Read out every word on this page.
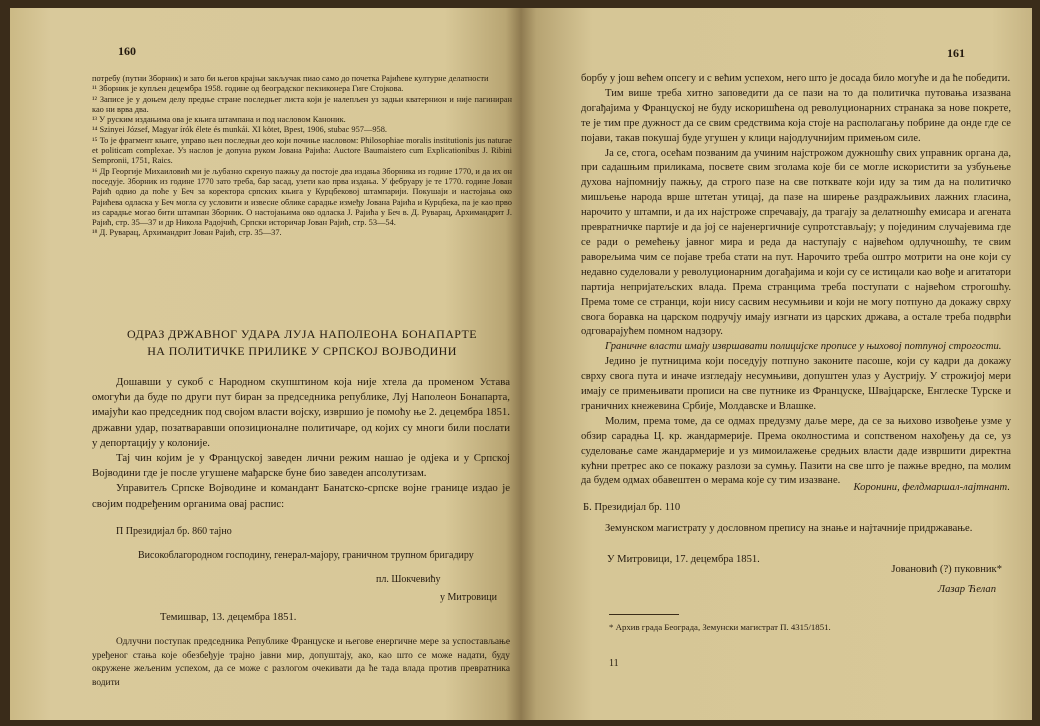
160

потребу (путни Зборник) и зато би његов крајњи закључак пиао само до почетка Рајићеве културне делатности

¹¹ Зборник је купљен децембра 1958. године од београдског пекзиконера Гиге Стојкова.

¹² Записе је у доњем делу предње стране последњег листа који је налепљен уз задњи кватернион и није пагиниран као ни врва два.

¹³ У руским издањима ова је књига штампана и под насловом Каноник.

¹⁴ Szinyei József, Magyar írók élete és munkái. XI kötet, Bpest, 1906, stubac 957—958.

¹⁵ То је фрагмент књиге, управо њен последњи део који почиње насловом: Philosophiae moralis institutionis jus naturae et politicam complexae. Уз наслов је допуна руком Јована Рајића: Auctore Baumaistero cum Explicationibus J. Ribini Sempronii, 1751, Raics.

¹⁶ Др Георгије Михаиловић ми је љубазно скренуо пажњу да постоје два издања Зборника из године 1770, и да их он поседује. Зборник из године 1770 зато треба, бар засад, узети као прва издања. У фебруару је те 1770. године Јован Рајић одвио да поће у Беч за коректора српских књига у Курцбековој штампарији. Покушаји и настојања око Рајићева одласка у Беч могла су условити и извесне облике сарадње између Јована Рајића и Курцбека, па је као прво из сарадње могао бити штампан Зборник. О настојањима око одласка Ј. Рајића у Беч в. Д. Руварац, Архимандрит Ј. Рајић, стр. 35—37 и др Никола Радојчић, Српски историчар Јован Рајић, стр. 53—54.

¹⁸ Д. Руварац, Архимандрит Јован Рајић, стр. 35—37.

ОДРАЗ ДРЖАВНОГ УДАРА ЛУЈА НАПОЛЕОНА БОНАПАРТЕ
НА ПОЛИТИЧКЕ ПРИЛИКЕ У СРПСКОЈ ВОЈВОДИНИ

Дошавши у сукоб с Народном скупштином која није хтела да променом Устава омогући да буде по други пут биран за председника републике, Луј Наполеон Бонапарта, имајући као председник под својом власти војску, извршио је помоћу ње 2. децембра 1851. државни удар, позатваравши опозиционалне политичаре, од којих су многи били послати у депортацију у колоније.

Тај чин којим је у Француској заведен лични режим нашао је одјека и у Српској Војводини где је после угушене мађарске буне био заведен апсолутизам.

Управитељ Српске Војводине и командант Банатско-српске војне границе издао је својим подређеним органима овај распис:

П Президијал бр. 860 тајно
Високоблагородном господину, генерал-мајору, граничном трупном бригадиру
пл. Шокчевићу
у Митровици
Темишвар, 13. децембра 1851.

Одлучни поступак председника Републике Француске и његове енергичне мере за успостављање уређеног стања које обезбеђује трајно јавни мир, допуштају, ако, као што се може надати, буду окружене жељеним успехом, да се може с разлогом очекивати да ће тада влада против превратника водити

161

борбу у још већем опсегу и с већим успехом, него што је досада било могуће и да ће победити.

Тим више треба хитно заповедити да се пази на то да политичка путовања изазвана догађајима у Француској не буду искоришћена од револуционарних странака за нове покрете, те је тим пре дужност да се свим средствима која стоје на располагању побрине да онде где се појави, такав покушај буде угушен у клици најодлучнијим примењом силе.

Ја се, стога, осећам позваним да учиним најстрожом дужношћу свих управник органа да, при садашњим приликама, посвете свим зголама које би се могле искористити за узбуњење духова најпомнију пажњу, да строго пазе на све потквате који иду за тим да на политичко мишљење народа врше штетан утицај, да пазе на ширење раздражљивих лажних гласина, нарочито у штампи, и да их најстроже спречавају, да трагају за делатношћу емисара и агената превратничке партије и да јој се најенергичније супротстављају; у појединим случајевима где се ради о ремећењу јавног мира и реда да наступају с највећом одлучношћу, те свим раворељима чим се појаве треба стати на пут. Нарочито треба оштро мотрити на оне који су недавно суделовали у револуционарним догађајима и који су се истицали као вође и агитатори партија непријатељских влада. Према странцима треба поступати с највећом строгошћу. Према томе се странци, који нису сасвим несумњиви и који не могу потпуно да докажу сврху свога боравка на царском подручју имају изгнати из царских држава, а остале треба подврћи одговарајућем помном надзору.

Граничне власти имају извршавати полицијске прописе у њиховој потпуној строгости.

Једино је путницима који поседују потпуно законите пасоше, који су кадри да докажу сврху свога пута и иначе изгледају несумњиви, допуштен улаз у Аустрију. У строжијој мери имају се примењивати прописи на све путнике из Француске, Швајцарске, Енглеске Турске и граничних кнежевина Србије, Молдавске и Влашке.

Молим, према томе, да се одмах предузму даље мере, да се за њихово извођење узме у обзир сарадња Ц. кр. жандармерије. Према околностима и сопственом нахођењу да се, уз суделовање саме жандармерије и уз мимоилажење средњих власти даде извршити директна кућни претрес ако се покажу разлози за сумњу. Пазити на све што је пажње вредно, па молим да будем одмах обавештен о мерама које су тим изазване.

Коронини, фелдмаршал-лајтнант.
Б. Президијал бр. 110

Земунском магистрату у дословном препису на знање и најтачније придржавање.

У Митровици, 17. децембра 1851.
Јовановић (?) пуковник*
Лазар Ћелап
* Архив града Београда, Земунски магистрат П. 4315/1851.
11
